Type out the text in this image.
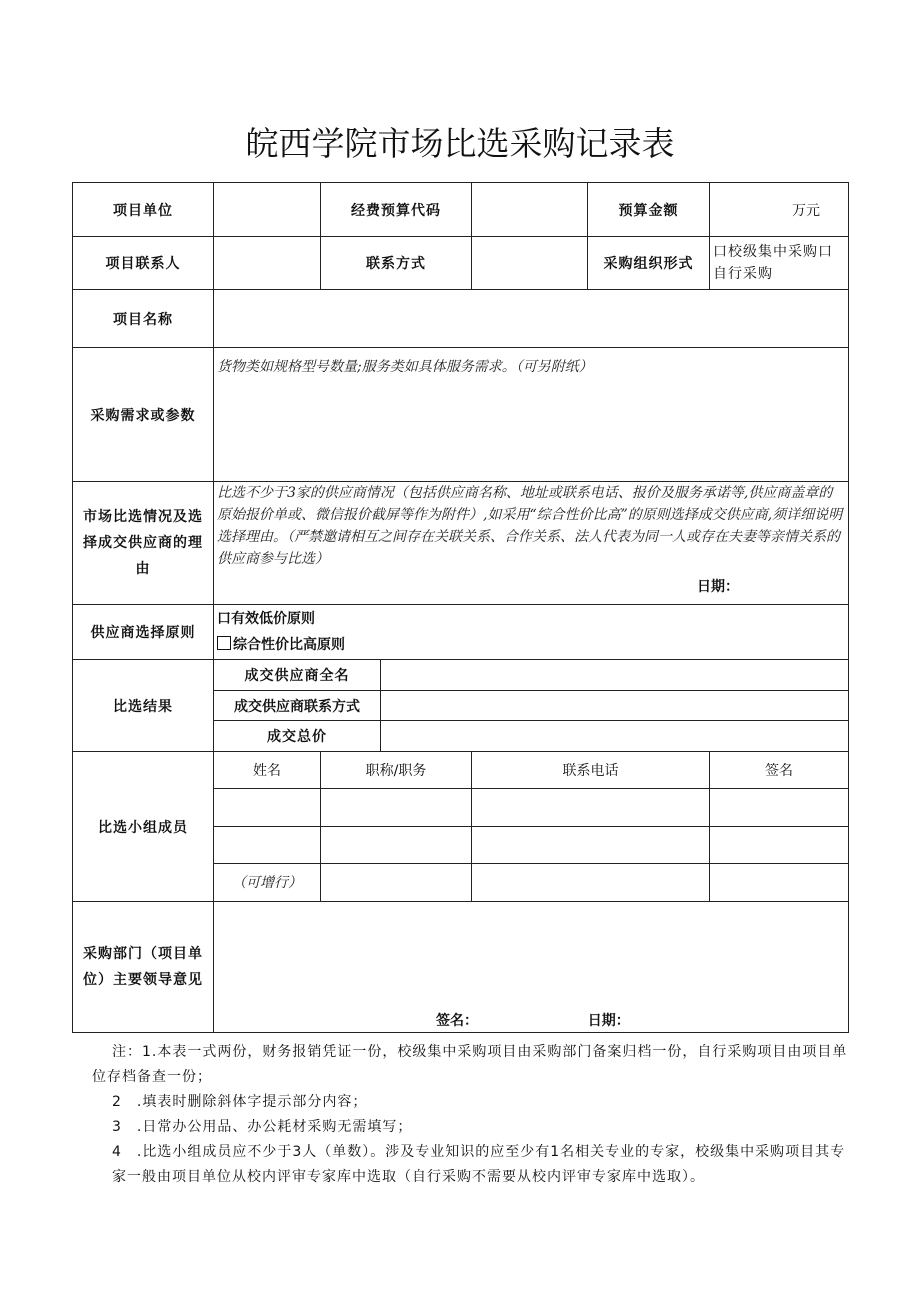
皖西学院市场比选采购记录表
项目单位		经费预算代码			预算金额	万元
项目联系人		联系方式			采购组织形式	口校级集中采购口自行采购
项目名称						
采购需求或参数	货物类如规格型号数量;服务类如具体服务需求。（可另附纸）					

市场比选情况及选择成交供应商的理由	比选不少于3家的供应商情况（包括供应商名称、地址或联系电话、报价及服务承诺等,供应商盖章的原始报价单或、微信报价截屏等作为附件）,如采用“综合性价比高”的原则选择成交供应商,须详细说明选择理由。（严禁邀请相互之间存在关联关系、合作关系、法人代表为同一人或存在夫妻等亲情关系的供应商参与比选）
日期：					

供应商选择原则	口有效低价原则
综合性价比高原则					

比选结果	成交供应商全名					
	成交供应商联系方式					
	成交总价					
比选小组成员	姓名	职称/职务		联系电话		签名

	（可增行）					
采购部门（项目单位）主要领导意见	签名： 日期：					

注：1.本表一式两份，财务报销凭证一份，校级集中采购项目由采购部门备案归档一份，自行采购项目由项目单位存档备查一份；

2　.填表时删除斜体字提示部分内容；

3　.日常办公用品、办公耗材采购无需填写；

4　.比选小组成员应不少于3人（单数）。涉及专业知识的应至少有1名相关专业的专家，校级集中采购项目其专家一般由项目单位从校内评审专家库中选取（自行采购不需要从校内评审专家库中选取）。
